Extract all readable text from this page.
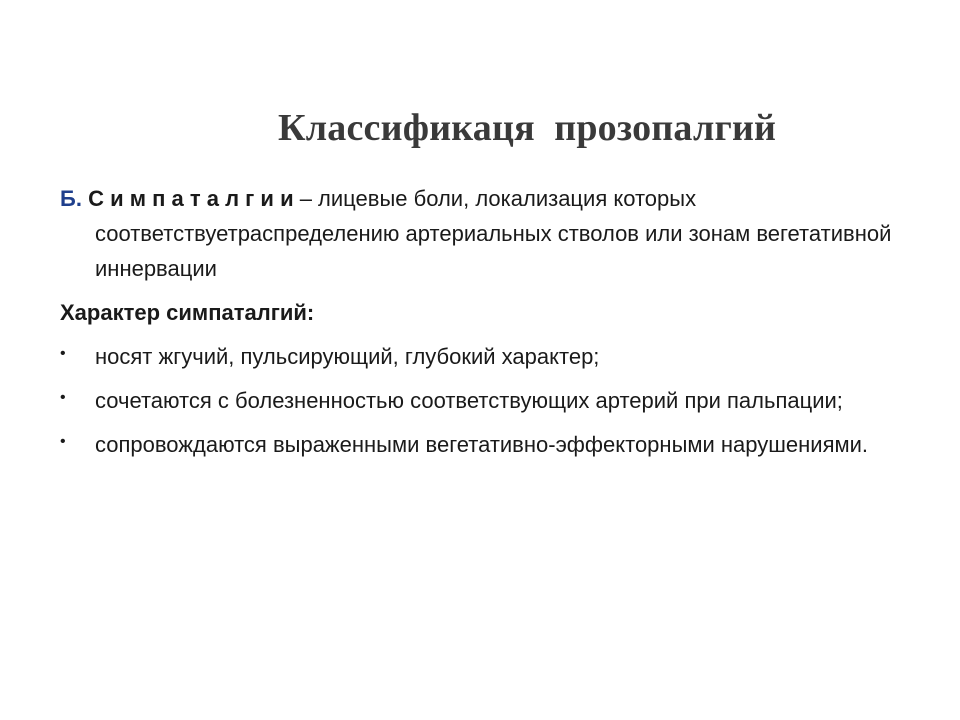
Классификаця  прозопалгий

Б. С и м п а т а л г и и – лицевые боли, локализация которых соответствуетраспределению артериальных стволов или зонам вегетативной иннервации

Характер симпаталгий:

• носят жгучий, пульсирующий, глубокий характер;
• сочетаются с болезненностью соответствующих артерий при пальпации;
• сопровождаются выраженными вегетативно-эффекторными нарушениями.
